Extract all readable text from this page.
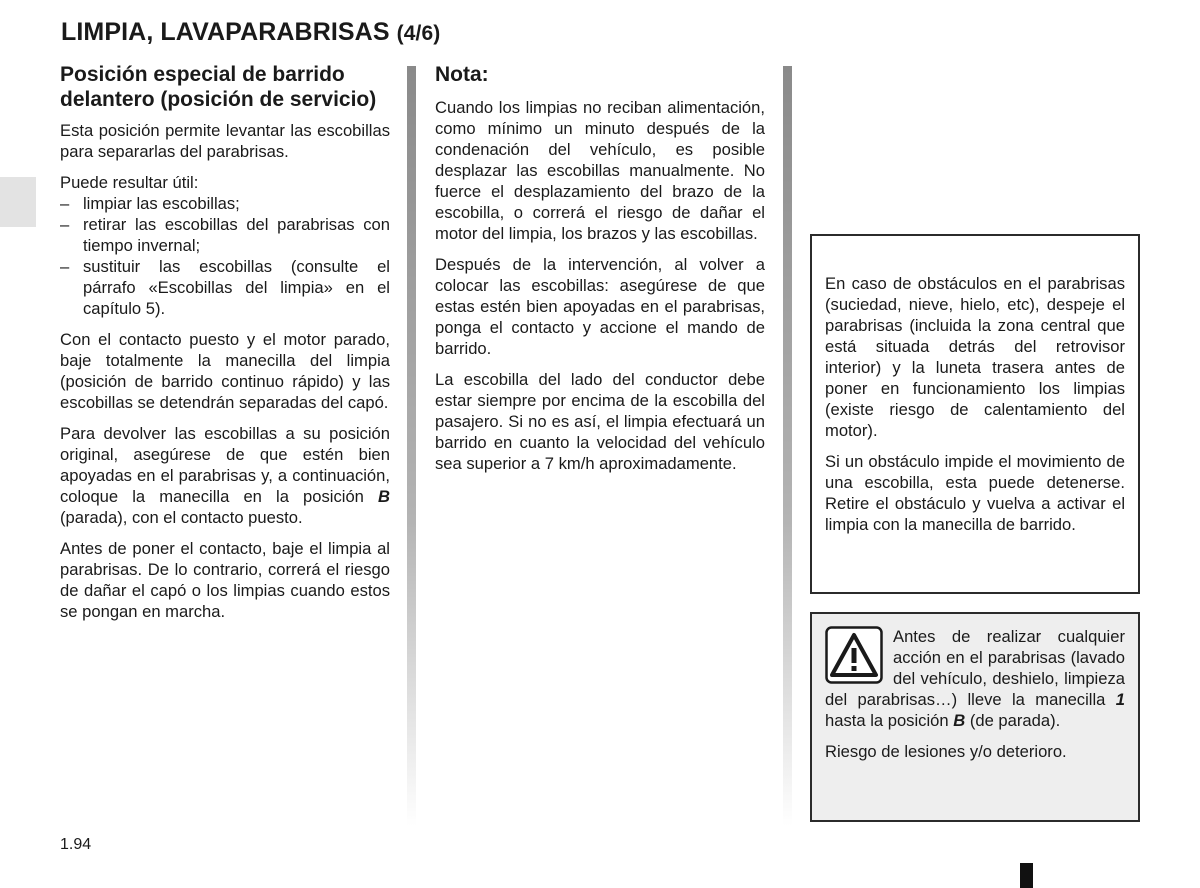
LIMPIA, LAVAPARABRISAS (4/6)
Posición especial de barrido delantero (posición de servicio)

Esta posición permite levantar las escobillas para separarlas del parabrisas.

Puede resultar útil:

– limpiar las escobillas;
– retirar las escobillas del parabrisas con tiempo invernal;
– sustituir las escobillas (consulte el párrafo «Escobillas del limpia» en el capítulo 5).

Con el contacto puesto y el motor parado, baje totalmente la manecilla del limpia (posición de barrido continuo rápido) y las escobillas se detendrán separadas del capó.

Para devolver las escobillas a su posición original, asegúrese de que estén bien apoyadas en el parabrisas y, a continuación, coloque la manecilla en la posición B (parada), con el contacto puesto.

Antes de poner el contacto, baje el limpia al parabrisas. De lo contrario, correrá el riesgo de dañar el capó o los limpias cuando estos se pongan en marcha.

Nota:

Cuando los limpias no reciban alimentación, como mínimo un minuto después de la condenación del vehículo, es posible desplazar las escobillas manualmente. No fuerce el desplazamiento del brazo de la escobilla, o correrá el riesgo de dañar el motor del limpia, los brazos y las escobillas.

Después de la intervención, al volver a colocar las escobillas: asegúrese de que estas estén bien apoyadas en el parabrisas, ponga el contacto y accione el mando de barrido.

La escobilla del lado del conductor debe estar siempre por encima de la escobilla del pasajero. Si no es así, el limpia efectuará un barrido en cuanto la velocidad del vehículo sea superior a 7 km/h aproximadamente.

En caso de obstáculos en el parabrisas (suciedad, nieve, hielo, etc), despeje el parabrisas (incluida la zona central que está situada detrás del retrovisor interior) y la luneta trasera antes de poner en funcionamiento los limpias (existe riesgo de calentamiento del motor).

Si un obstáculo impide el movimiento de una escobilla, esta puede detenerse. Retire el obstáculo y vuelva a activar el limpia con la manecilla de barrido.

Antes de realizar cualquier acción en el parabrisas (lavado del vehículo, deshielo, limpieza del parabrisas…) lleve la manecilla 1 hasta la posición B (de parada).

Riesgo de lesiones y/o deterioro.

1.94
